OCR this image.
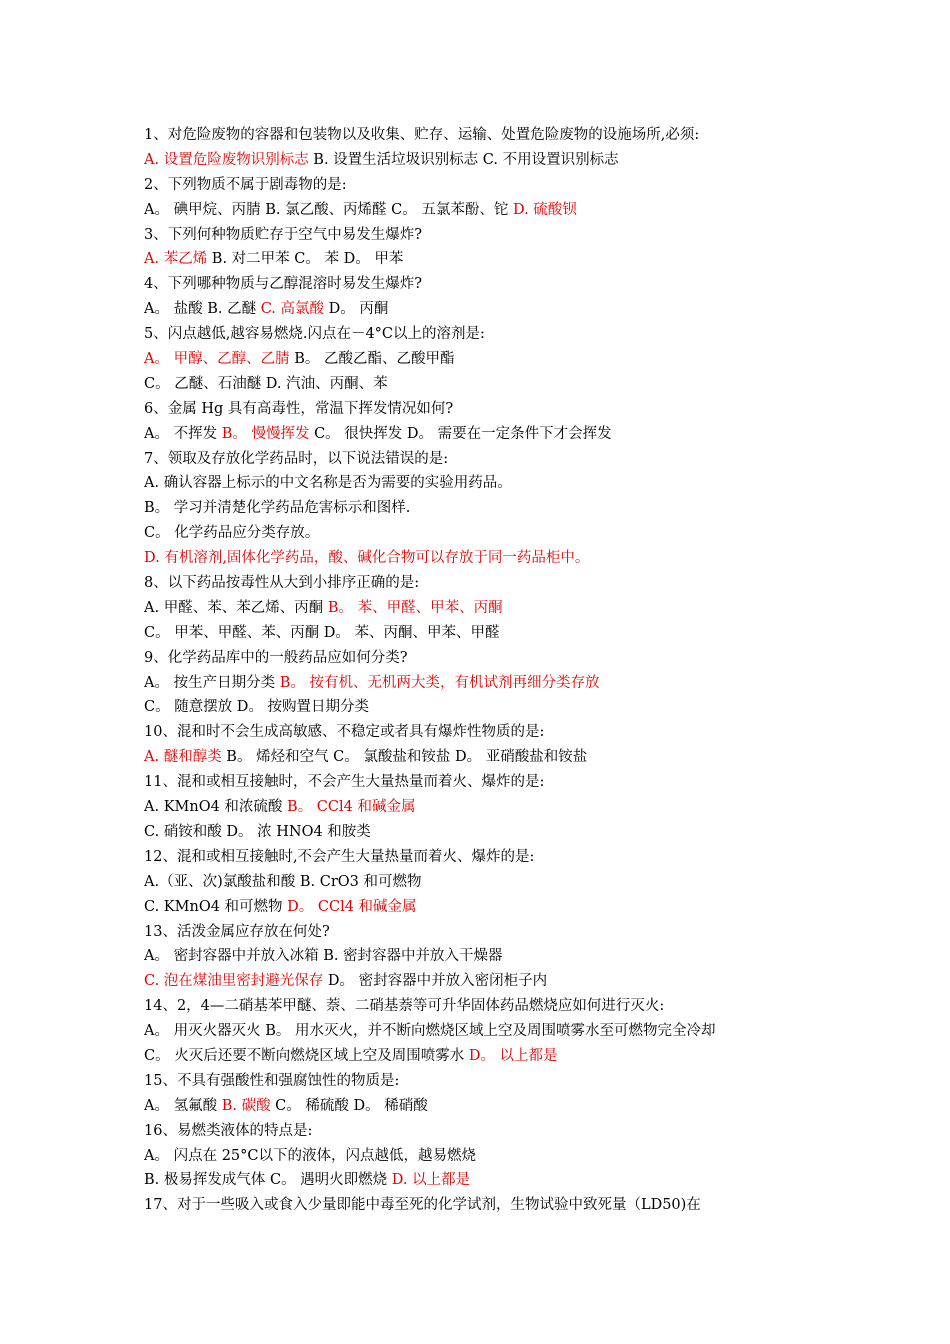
1、对危险废物的容器和包装物以及收集、贮存、运输、处置危险废物的设施场所,必须:
A. 设置危险废物识别标志 B. 设置生活垃圾识别标志 C. 不用设置识别标志
2、下列物质不属于剧毒物的是:
A。 碘甲烷、丙腈 B. 氯乙酸、丙烯醛 C。 五氯苯酚、铊 D. 硫酸钡
3、下列何种物质贮存于空气中易发生爆炸?
A. 苯乙烯 B. 对二甲苯 C。 苯 D。 甲苯
4、下列哪种物质与乙醇混溶时易发生爆炸?
A。 盐酸 B. 乙醚 C. 高氯酸 D。 丙酮
5、闪点越低,越容易燃烧.闪点在－4°C以上的溶剂是:
A。 甲醇、乙醇、乙腈 B。 乙酸乙酯、乙酸甲酯
C。 乙醚、石油醚 D. 汽油、丙酮、苯
6、金属 Hg 具有高毒性，常温下挥发情况如何?
A。 不挥发 B。 慢慢挥发 C。 很快挥发 D。 需要在一定条件下才会挥发
7、领取及存放化学药品时，以下说法错误的是:
A. 确认容器上标示的中文名称是否为需要的实验用药品。
B。 学习并清楚化学药品危害标示和图样.
C。 化学药品应分类存放。
D. 有机溶剂,固体化学药品，酸、碱化合物可以存放于同一药品柜中。
8、以下药品按毒性从大到小排序正确的是:
A. 甲醛、苯、苯乙烯、丙酮 B。 苯、甲醛、甲苯、丙酮
C。 甲苯、甲醛、苯、丙酮 D。 苯、丙酮、甲苯、甲醛
9、化学药品库中的一般药品应如何分类?
A。 按生产日期分类 B。 按有机、无机两大类，有机试剂再细分类存放
C。 随意摆放 D。 按购置日期分类
10、混和时不会生成高敏感、不稳定或者具有爆炸性物质的是:
A. 醚和醇类 B。 烯烃和空气 C。 氯酸盐和铵盐 D。 亚硝酸盐和铵盐
11、混和或相互接触时，不会产生大量热量而着火、爆炸的是:
A. KMnO4 和浓硫酸 B。 CCl4 和碱金属
C. 硝铵和酸 D。 浓 HNO4 和胺类
12、混和或相互接触时,不会产生大量热量而着火、爆炸的是:
A.（亚、次)氯酸盐和酸 B. CrO3 和可燃物
C. KMnO4 和可燃物 D。 CCl4 和碱金属
13、活泼金属应存放在何处?
A。 密封容器中并放入冰箱 B. 密封容器中并放入干燥器
C. 泡在煤油里密封避光保存 D。 密封容器中并放入密闭柜子内
14、2，4—二硝基苯甲醚、萘、二硝基萘等可升华固体药品燃烧应如何进行灭火:
A。 用灭火器灭火 B。 用水灭火，并不断向燃烧区域上空及周围喷雾水至可燃物完全冷却
C。 火灭后还要不断向燃烧区域上空及周围喷雾水 D。 以上都是
15、不具有强酸性和强腐蚀性的物质是:
A。 氢氟酸 B. 碳酸 C。 稀硫酸 D。 稀硝酸
16、易燃类液体的特点是:
A。 闪点在 25°C以下的液体，闪点越低，越易燃烧
B. 极易挥发成气体 C。 遇明火即燃烧 D. 以上都是
17、对于一些吸入或食入少量即能中毒至死的化学试剂，生物试验中致死量（LD50)在
